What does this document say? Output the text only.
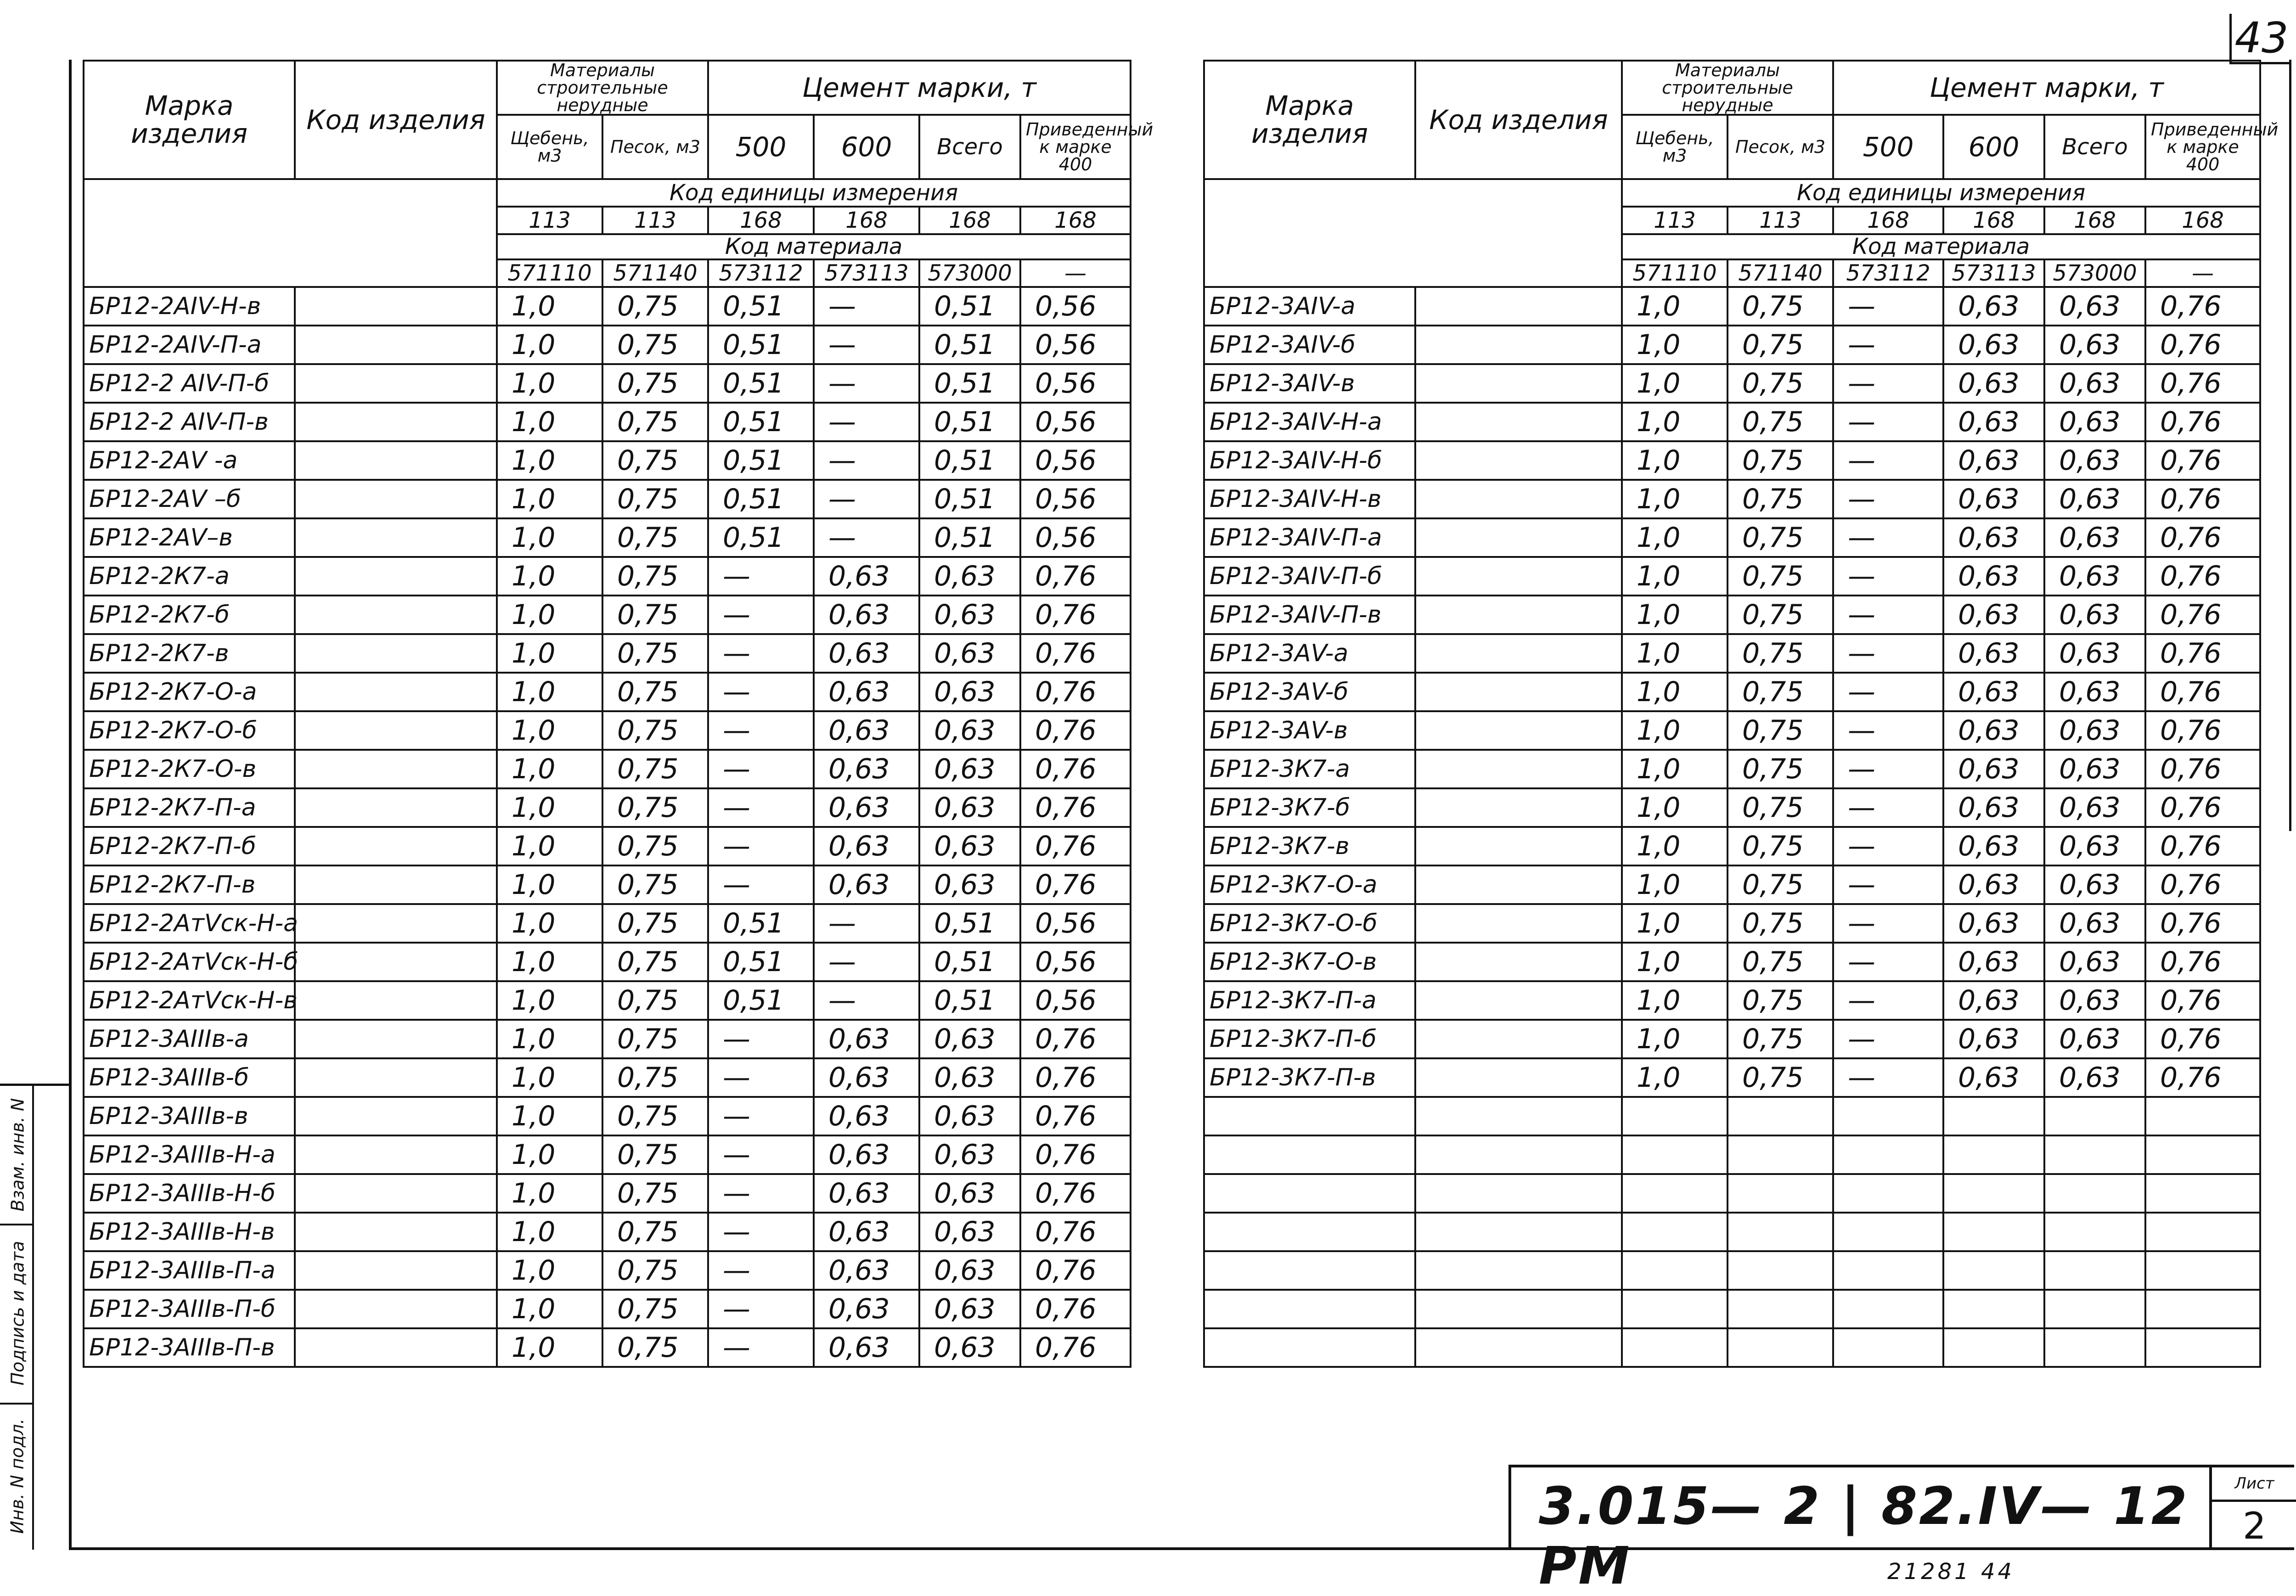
43
Марка изделия	Код изделия	Материалы строительные нерудные		Цемент марки, т			
		Щебень, м3	Песок, м3	500	600	Всего	Приведенный к марке 400
		Код единицы измерения					
		113	113	168	168	168	168
		Код материала					
		571110	571140	573112	573113	573000	—
БР12-2АIV-Н-в		1,0	0,75	0,51	—	0,51	0,56
БР12-2АIV-П-а		1,0	0,75	0,51	—	0,51	0,56
БР12-2 АIV-П-б		1,0	0,75	0,51	—	0,51	0,56
БР12-2 АIV-П-в		1,0	0,75	0,51	—	0,51	0,56
БР12-2АV -а		1,0	0,75	0,51	—	0,51	0,56
БР12-2АV –б		1,0	0,75	0,51	—	0,51	0,56
БР12-2АV–в		1,0	0,75	0,51	—	0,51	0,56
БР12-2К7-а		1,0	0,75	—	0,63	0,63	0,76
БР12-2К7-б		1,0	0,75	—	0,63	0,63	0,76
БР12-2К7-в		1,0	0,75	—	0,63	0,63	0,76
БР12-2К7-О-а		1,0	0,75	—	0,63	0,63	0,76
БР12-2К7-О-б		1,0	0,75	—	0,63	0,63	0,76
БР12-2К7-О-в		1,0	0,75	—	0,63	0,63	0,76
БР12-2К7-П-а		1,0	0,75	—	0,63	0,63	0,76
БР12-2К7-П-б		1,0	0,75	—	0,63	0,63	0,76
БР12-2К7-П-в		1,0	0,75	—	0,63	0,63	0,76
БР12-2АтVск-Н-а		1,0	0,75	0,51	—	0,51	0,56
БР12-2АтVск-Н-б		1,0	0,75	0,51	—	0,51	0,56
БР12-2АтVск-Н-в		1,0	0,75	0,51	—	0,51	0,56
БР12-3АIIIв-а		1,0	0,75	—	0,63	0,63	0,76
БР12-3АIIIв-б		1,0	0,75	—	0,63	0,63	0,76
БР12-3АIIIв-в		1,0	0,75	—	0,63	0,63	0,76
БР12-3АIIIв-Н-а		1,0	0,75	—	0,63	0,63	0,76
БР12-3АIIIв-Н-б		1,0	0,75	—	0,63	0,63	0,76
БР12-3АIIIв-Н-в		1,0	0,75	—	0,63	0,63	0,76
БР12-3АIIIв-П-а		1,0	0,75	—	0,63	0,63	0,76
БР12-3АIIIв-П-б		1,0	0,75	—	0,63	0,63	0,76
БР12-3АIIIв-П-в		1,0	0,75	—	0,63	0,63	0,76
Марка изделия	Код изделия	Материалы строительные нерудные		Цемент марки, т			
		Щебень, м3	Песок, м3	500	600	Всего	Приведенный к марке 400
		Код единицы измерения					
		113	113	168	168	168	168
		Код материала					
		571110	571140	573112	573113	573000	—
БР12-3АIV-а		1,0	0,75	—	0,63	0,63	0,76
БР12-3АIV-б		1,0	0,75	—	0,63	0,63	0,76
БР12-3АIV-в		1,0	0,75	—	0,63	0,63	0,76
БР12-3АIV-Н-а		1,0	0,75	—	0,63	0,63	0,76
БР12-3АIV-Н-б		1,0	0,75	—	0,63	0,63	0,76
БР12-3АIV-Н-в		1,0	0,75	—	0,63	0,63	0,76
БР12-3АIV-П-а		1,0	0,75	—	0,63	0,63	0,76
БР12-3АIV-П-б		1,0	0,75	—	0,63	0,63	0,76
БР12-3АIV-П-в		1,0	0,75	—	0,63	0,63	0,76
БР12-3АV-а		1,0	0,75	—	0,63	0,63	0,76
БР12-3АV-б		1,0	0,75	—	0,63	0,63	0,76
БР12-3АV-в		1,0	0,75	—	0,63	0,63	0,76
БР12-3К7-а		1,0	0,75	—	0,63	0,63	0,76
БР12-3К7-б		1,0	0,75	—	0,63	0,63	0,76
БР12-3К7-в		1,0	0,75	—	0,63	0,63	0,76
БР12-3К7-О-а		1,0	0,75	—	0,63	0,63	0,76
БР12-3К7-О-б		1,0	0,75	—	0,63	0,63	0,76
БР12-3К7-О-в		1,0	0,75	—	0,63	0,63	0,76
БР12-3К7-П-а		1,0	0,75	—	0,63	0,63	0,76
БР12-3К7-П-б		1,0	0,75	—	0,63	0,63	0,76
БР12-3К7-П-в		1,0	0,75	—	0,63	0,63	0,76

Взам. инв. N
Подпись и дата
Инв. N подл.	3.015— 2 | 82.IV— 12 РМ
Лист
2
21281 44
